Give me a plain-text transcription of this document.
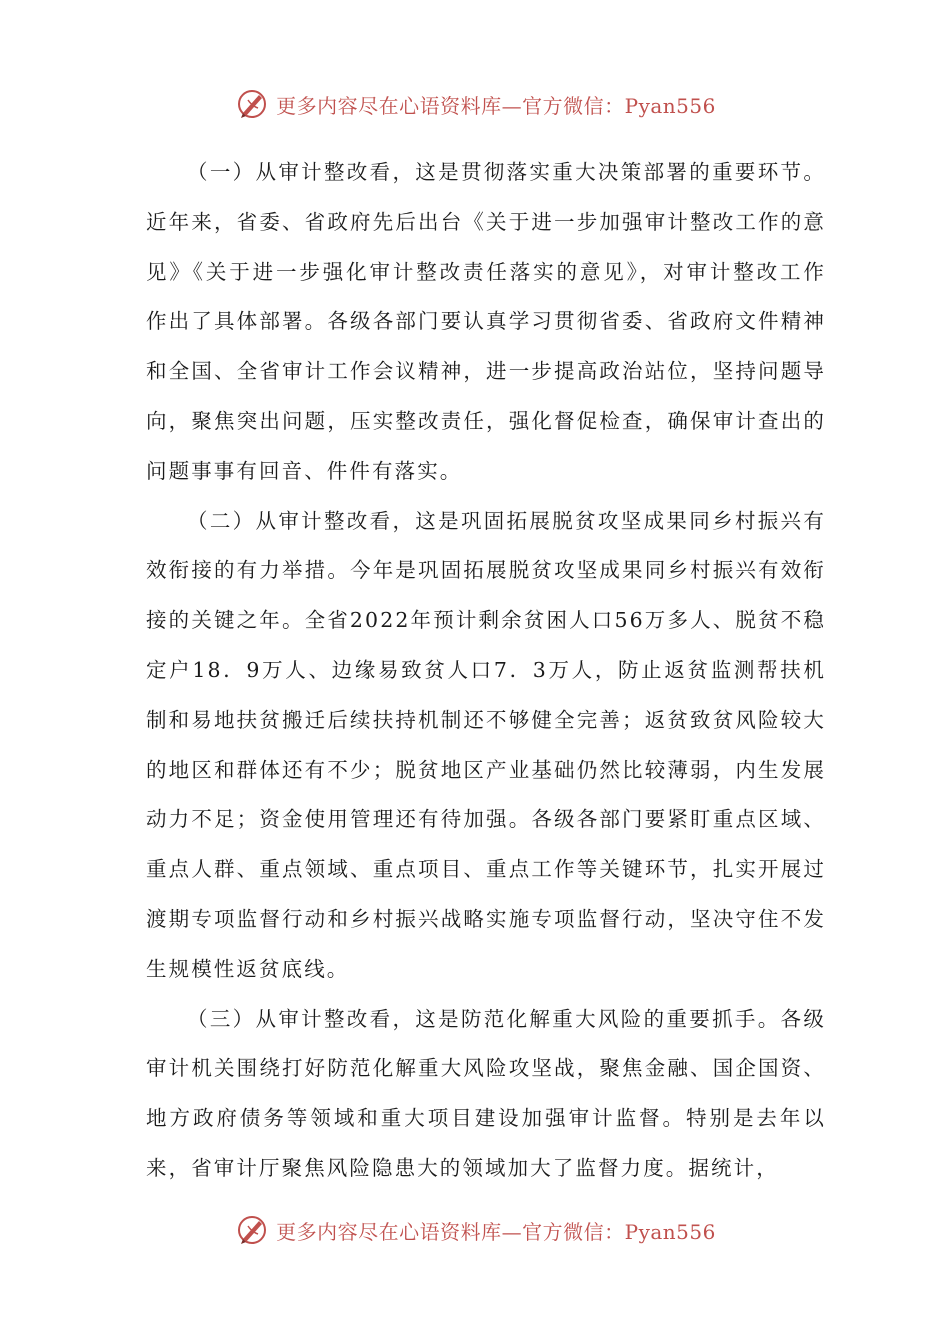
更多内容尽在心语资料库—官方微信：Pyan556

（一）从审计整改看，这是贯彻落实重大决策部署的重要环节。近年来，省委、省政府先后出台《关于进一步加强审计整改工作的意见》《关于进一步强化审计整改责任落实的意见》，对审计整改工作作出了具体部署。各级各部门要认真学习贯彻省委、省政府文件精神和全国、全省审计工作会议精神，进一步提高政治站位，坚持问题导向，聚焦突出问题，压实整改责任，强化督促检查，确保审计查出的问题事事有回音、件件有落实。

（二）从审计整改看，这是巩固拓展脱贫攻坚成果同乡村振兴有效衔接的有力举措。今年是巩固拓展脱贫攻坚成果同乡村振兴有效衔接的关键之年。全省2022年预计剩余贫困人口56万多人、脱贫不稳定户18．9万人、边缘易致贫人口7．3万人，防止返贫监测帮扶机制和易地扶贫搬迁后续扶持机制还不够健全完善；返贫致贫风险较大的地区和群体还有不少；脱贫地区产业基础仍然比较薄弱，内生发展动力不足；资金使用管理还有待加强。各级各部门要紧盯重点区域、重点人群、重点领域、重点项目、重点工作等关键环节，扎实开展过渡期专项监督行动和乡村振兴战略实施专项监督行动，坚决守住不发生规模性返贫底线。

（三）从审计整改看，这是防范化解重大风险的重要抓手。各级审计机关围绕打好防范化解重大风险攻坚战，聚焦金融、国企国资、地方政府债务等领域和重大项目建设加强审计监督。特别是去年以来，省审计厅聚焦风险隐患大的领域加大了监督力度。据统计，

更多内容尽在心语资料库—官方微信：Pyan556
